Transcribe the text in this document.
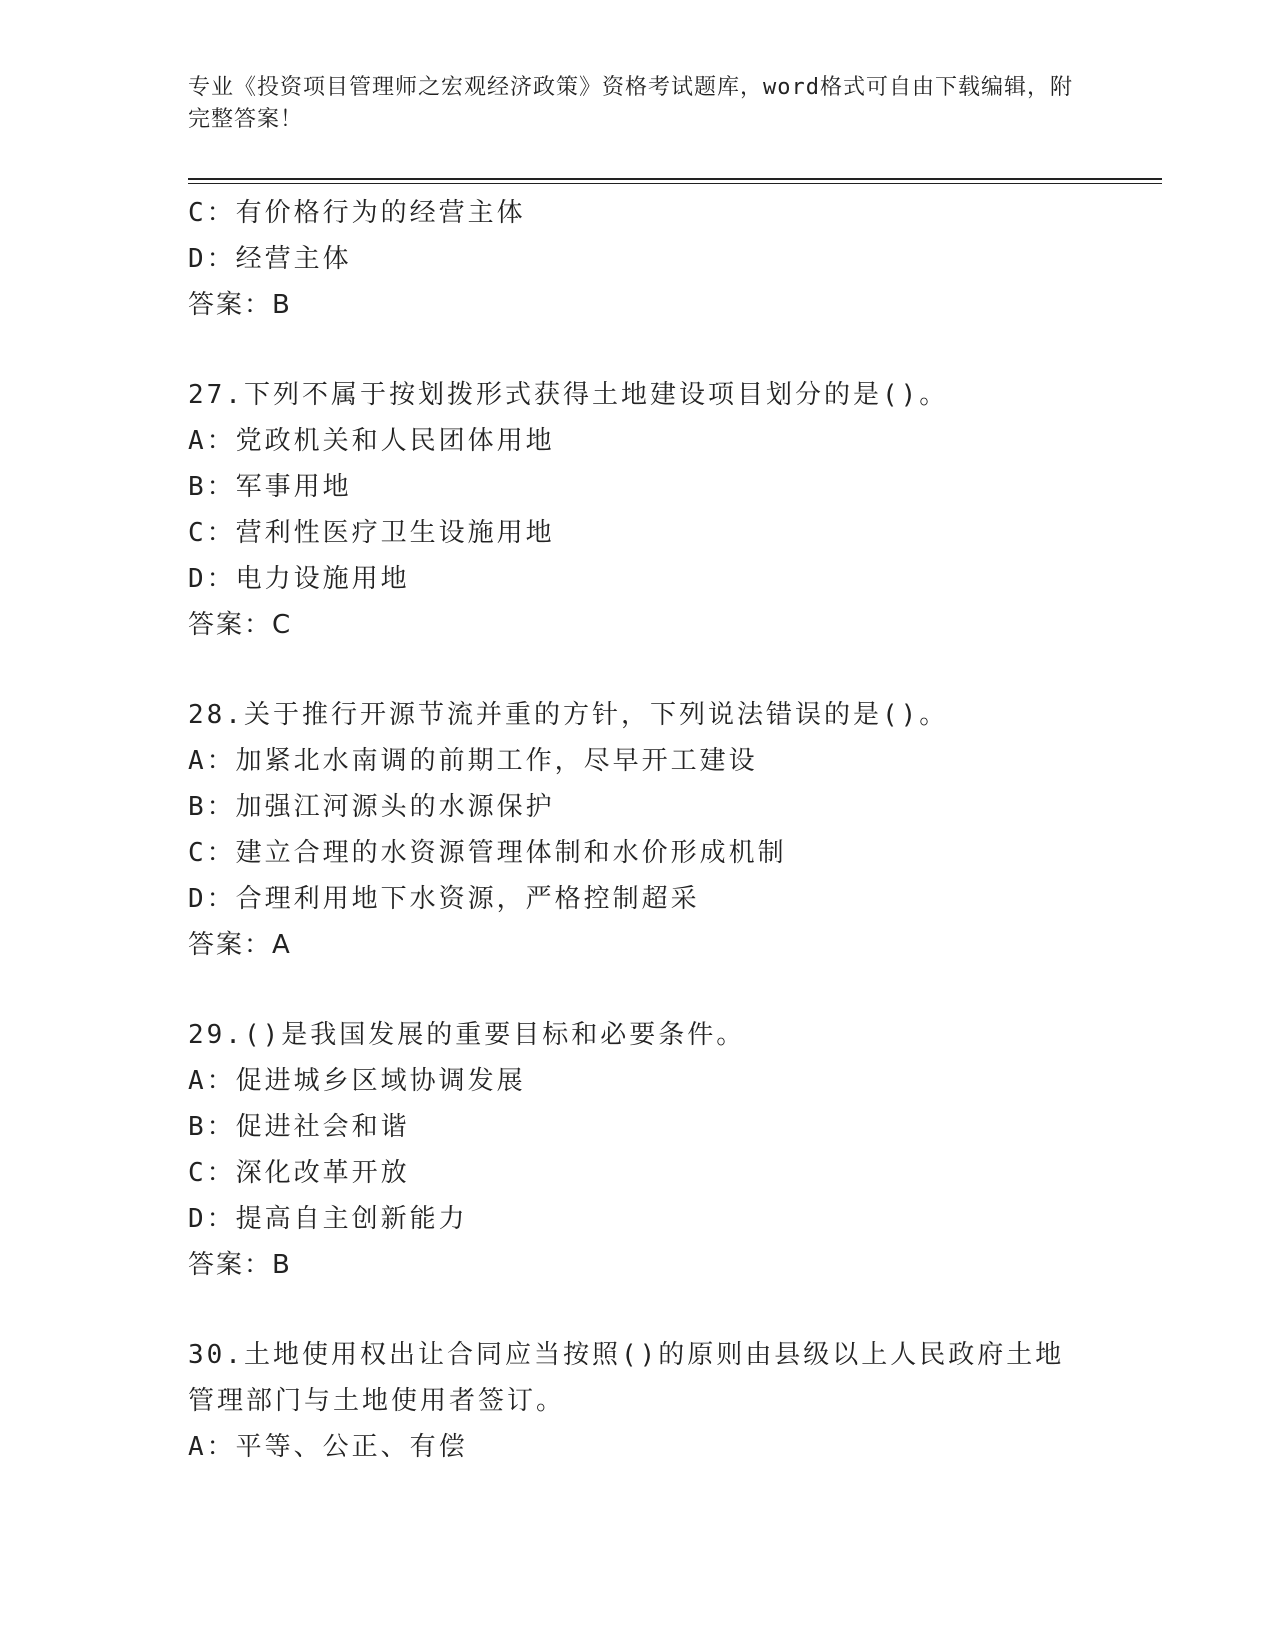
专业《投资项目管理师之宏观经济政策》资格考试题库，word格式可自由下载编辑，附完整答案！
C：有价格行为的经营主体
D：经营主体
答案：B
27.下列不属于按划拨形式获得土地建设项目划分的是()。
A：党政机关和人民团体用地
B：军事用地
C：营利性医疗卫生设施用地
D：电力设施用地
答案：C
28.关于推行开源节流并重的方针，下列说法错误的是()。
A：加紧北水南调的前期工作，尽早开工建设
B：加强江河源头的水源保护
C：建立合理的水资源管理体制和水价形成机制
D：合理利用地下水资源，严格控制超采
答案：A
29.()是我国发展的重要目标和必要条件。
A：促进城乡区域协调发展
B：促进社会和谐
C：深化改革开放
D：提高自主创新能力
答案：B
30.土地使用权出让合同应当按照()的原则由县级以上人民政府土地管理部门与土地使用者签订。
A：平等、公正、有偿
